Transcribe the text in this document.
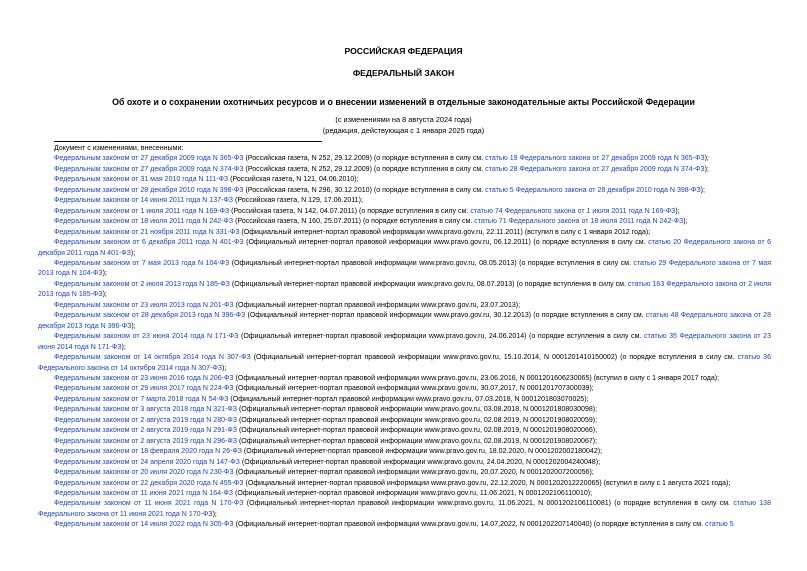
РОССИЙСКАЯ ФЕДЕРАЦИЯ
ФЕДЕРАЛЬНЫЙ ЗАКОН
Об охоте и о сохранении охотничьих ресурсов и о внесении изменений в отдельные законодательные акты Российской Федерации
(с изменениями на 8 августа 2024 года)
(редакция, действующая с 1 января 2025 года)
Документ с изменениями, внесенными:

Федеральным законом от 27 декабря 2009 года N 365-ФЗ (Российская газета, N 252, 29.12.2009) (о порядке вступления в силу см. статью 19 Федерального закона от 27 декабря 2009 года N 365-ФЗ);

Федеральным законом от 27 декабря 2009 года N 374-ФЗ (Российская газета, N 252, 29.12.2009) (о порядке вступления в силу см. статью 28 Федерального закона от 27 декабря 2009 года N 374-ФЗ);

Федеральным законом от 31 мая 2010 года N 111-ФЗ (Российская газета, N 121, 04.06.2010);

Федеральным законом от 28 декабря 2010 года N 398-ФЗ (Российская газета, N 296, 30.12.2010) (о порядке вступления в силу см. статью 5 Федерального закона от 28 декабря 2010 года N 398-ФЗ);

Федеральным законом от 14 июня 2011 года N 137-ФЗ (Российская газета, N 129, 17.06.2011);

Федеральным законом от 1 июля 2011 года N 169-ФЗ (Российская газета, N 142, 04.07.2011) (о порядке вступления в силу см. статью 74 Федерального закона от 1 июля 2011 года N 169-ФЗ);

Федеральным законом от 18 июля 2011 года N 242-ФЗ (Российская газета, N 160, 25.07.2011) (о порядке вступления в силу см. статью 71 Федерального закона от 18 июля 2011 года N 242-ФЗ);

Федеральным законом от 21 ноября 2011 года N 331-ФЗ (Официальный интернет-портал правовой информации www.pravo.gov.ru, 22.11.2011) (вступил в силу с 1 января 2012 года);

Федеральным законом от 6 декабря 2011 года N 401-ФЗ (Официальный интернет-портал правовой информации www.pravo.gov.ru, 06.12.2011) (о порядке вступления в силу см. статью 20 Федерального закона от 6 декабря 2011 года N 401-ФЗ);

Федеральным законом от 7 мая 2013 года N 104-ФЗ (Официальный интернет-портал правовой информации www.pravo.gov.ru, 08.05.2013) (о порядке вступления в силу см. статью 29 Федерального закона от 7 мая 2013 года N 104-ФЗ);

Федеральным законом от 2 июля 2013 года N 185-ФЗ (Официальный интернет-портал правовой информации www.pravo.gov.ru, 08.07.2013) (о порядке вступления в силу см. статью 163 Федерального закона от 2 июля 2013 года N 185-ФЗ);

Федеральным законом от 23 июля 2013 года N 201-ФЗ (Официальный интернет-портал правовой информации www.pravo.gov.ru, 23.07.2013);

Федеральным законом от 28 декабря 2013 года N 396-ФЗ (Официальный интернет-портал правовой информации www.pravo.gov.ru, 30.12.2013) (о порядке вступления в силу см. статью 48 Федерального закона от 28 декабря 2013 года N 396-ФЗ);

Федеральным законом от 23 июня 2014 года N 171-ФЗ (Официальный интернет-портал правовой информации www.pravo.gov.ru, 24.06.2014) (о порядке вступления в силу см. статью 35 Федерального закона от 23 июня 2014 года N 171-ФЗ);

Федеральным законом от 14 октября 2014 года N 307-ФЗ (Официальный интернет-портал правовой информации www.pravo.gov.ru, 15.10.2014, N 0001201410150002) (о порядке вступления в силу см. статью 36 Федерального закона от 14 октября 2014 года N 307-ФЗ);

Федеральным законом от 23 июня 2016 года N 206-ФЗ (Официальный интернет-портал правовой информации www.pravo.gov.ru, 23.06.2016, N 0001201606230065) (вступил в силу с 1 января 2017 года);

Федеральным законом от 29 июля 2017 года N 224-ФЗ (Официальный интернет-портал правовой информации www.pravo.gov.ru, 30.07.2017, N 0001201707300039);

Федеральным законом от 7 марта 2018 года N 54-ФЗ (Официальный интернет-портал правовой информации www.pravo.gov.ru, 07.03.2018, N 0001201803070025);

Федеральным законом от 3 августа 2018 года N 321-ФЗ (Официальный интернет-портал правовой информации www.pravo.gov.ru, 03.08.2018, N 0001201808030098);

Федеральным законом от 2 августа 2019 года N 280-ФЗ (Официальный интернет-портал правовой информации www.pravo.gov.ru, 02.08.2019, N 0001201908020059);

Федеральным законом от 2 августа 2019 года N 291-ФЗ (Официальный интернет-портал правовой информации www.pravo.gov.ru, 02.08.2019, N 0001201908020066);

Федеральным законом от 2 августа 2019 года N 296-ФЗ (Официальный интернет-портал правовой информации www.pravo.gov.ru, 02.08.2019, N 0001201908020067);

Федеральным законом от 18 февраля 2020 года N 26-ФЗ (Официальный интернет-портал правовой информации www.pravo.gov.ru, 18.02.2020, N 0001202002180042);

Федеральным законом от 24 апреля 2020 года N 147-ФЗ (Официальный интернет-портал правовой информации www.pravo.gov.ru, 24.04.2020, N 0001202004240048);

Федеральным законом от 20 июля 2020 года N 230-ФЗ (Официальный интернет-портал правовой информации www.pravo.gov.ru, 20.07.2020, N 0001202007200056);

Федеральным законом от 22 декабря 2020 года N 455-ФЗ (Официальный интернет-портал правовой информации www.pravo.gov.ru, 22.12.2020, N 0001202012220065) (вступил в силу с 1 августа 2021 года);

Федеральным законом от 11 июня 2021 года N 164-ФЗ (Официальный интернет-портал правовой информации www.pravo.gov.ru, 11.06.2021, N 0001202106110010);

Федеральным законом от 11 июня 2021 года N 170-ФЗ (Официальный интернет-портал правовой информации www.pravo.gov.ru, 11.06.2021, N 0001202106110081) (о порядке вступления в силу см. статью 138 Федерального закона от 11 июня 2021 года N 170-ФЗ);

Федеральным законом от 14 июля 2022 года N 305-ФЗ (Официальный интернет-портал правовой информации www.pravo.gov.ru, 14.07.2022, N 0001202207140040) (о порядке вступления в силу см. статью 5
